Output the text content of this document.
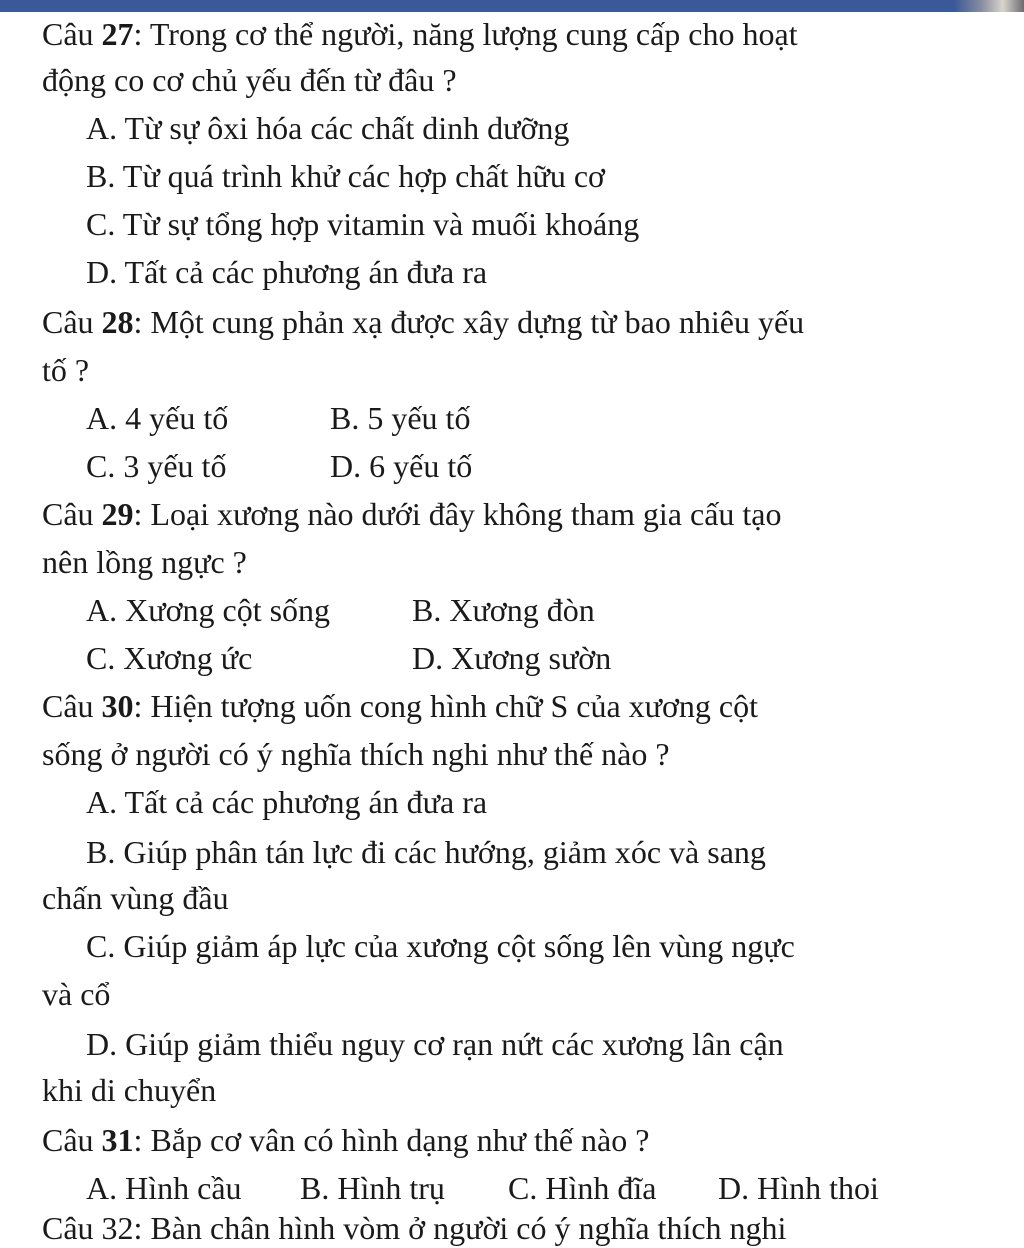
Câu 27: Trong cơ thể người, năng lượng cung cấp cho hoạt
động co cơ chủ yếu đến từ đâu ?
A. Từ sự ôxi hóa các chất dinh dưỡng
B. Từ quá trình khử các hợp chất hữu cơ
C. Từ sự tổng hợp vitamin và muối khoáng
D. Tất cả các phương án đưa ra
Câu 28: Một cung phản xạ được xây dựng từ bao nhiêu yếu
tố ?
A. 4 yếu tố	B. 5 yếu tố
C. 3 yếu tố	D. 6 yếu tố
Câu 29: Loại xương nào dưới đây không tham gia cấu tạo
nên lồng ngực ?
A. Xương cột sống	B. Xương đòn
C. Xương ức	D. Xương sườn
Câu 30: Hiện tượng uốn cong hình chữ S của xương cột
sống ở người có ý nghĩa thích nghi như thế nào ?
A. Tất cả các phương án đưa ra
B. Giúp phân tán lực đi các hướng, giảm xóc và sang
chấn vùng đầu
C. Giúp giảm áp lực của xương cột sống lên vùng ngực
và cổ
D. Giúp giảm thiểu nguy cơ rạn nứt các xương lân cận
khi di chuyển
Câu 31: Bắp cơ vân có hình dạng như thế nào ?
A. Hình cầu B. Hình trụ C. Hình đĩa D. Hình thoi
Câu 32: Bàn chân hình vòm ở người có ý nghĩa thích nghi
